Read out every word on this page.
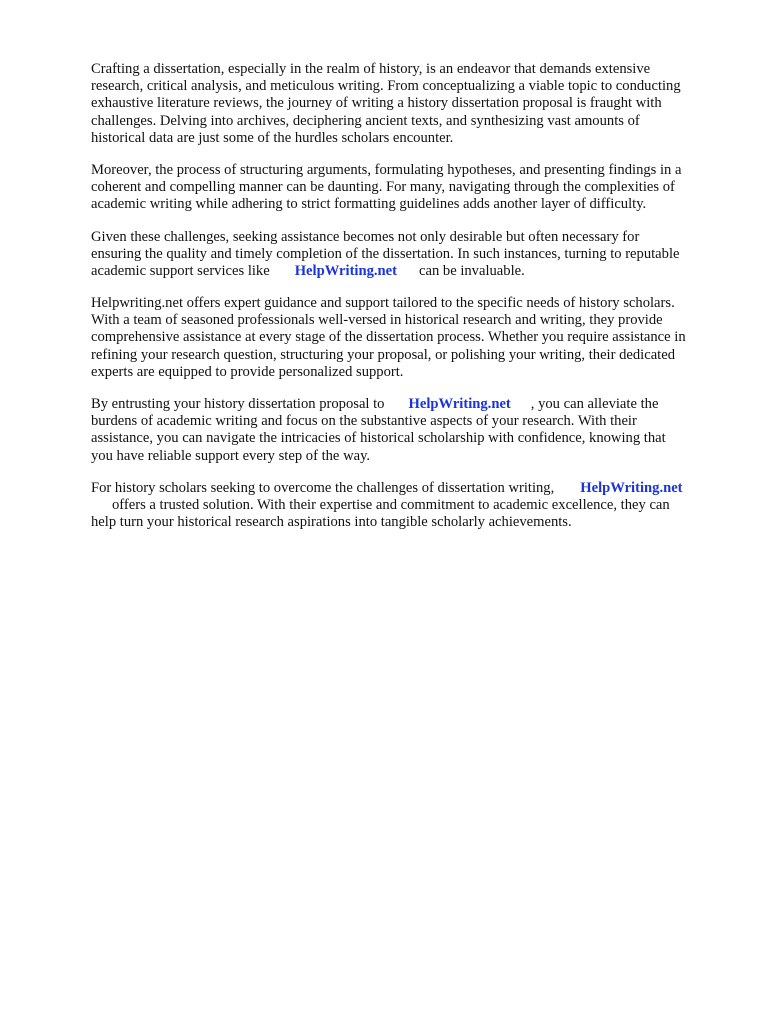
Crafting a dissertation, especially in the realm of history, is an endeavor that demands extensive
research, critical analysis, and meticulous writing. From conceptualizing a viable topic to conducting
exhaustive literature reviews, the journey of writing a history dissertation proposal is fraught with
challenges. Delving into archives, deciphering ancient texts, and synthesizing vast amounts of
historical data are just some of the hurdles scholars encounter.

Moreover, the process of structuring arguments, formulating hypotheses, and presenting findings in a
coherent and compelling manner can be daunting. For many, navigating through the complexities of
academic writing while adhering to strict formatting guidelines adds another layer of difficulty.

Given these challenges, seeking assistance becomes not only desirable but often necessary for
ensuring the quality and timely completion of the dissertation. In such instances, turning to reputable
academic support services like HelpWriting.net can be invaluable.

Helpwriting.net offers expert guidance and support tailored to the specific needs of history scholars.
With a team of seasoned professionals well-versed in historical research and writing, they provide
comprehensive assistance at every stage of the dissertation process. Whether you require assistance in
refining your research question, structuring your proposal, or polishing your writing, their dedicated
experts are equipped to provide personalized support.

By entrusting your history dissertation proposal to HelpWriting.net , you can alleviate the
burdens of academic writing and focus on the substantive aspects of your research. With their
assistance, you can navigate the intricacies of historical scholarship with confidence, knowing that
you have reliable support every step of the way.

For history scholars seeking to overcome the challenges of dissertation writing, HelpWriting.net
offers a trusted solution. With their expertise and commitment to academic excellence, they can
help turn your historical research aspirations into tangible scholarly achievements.
